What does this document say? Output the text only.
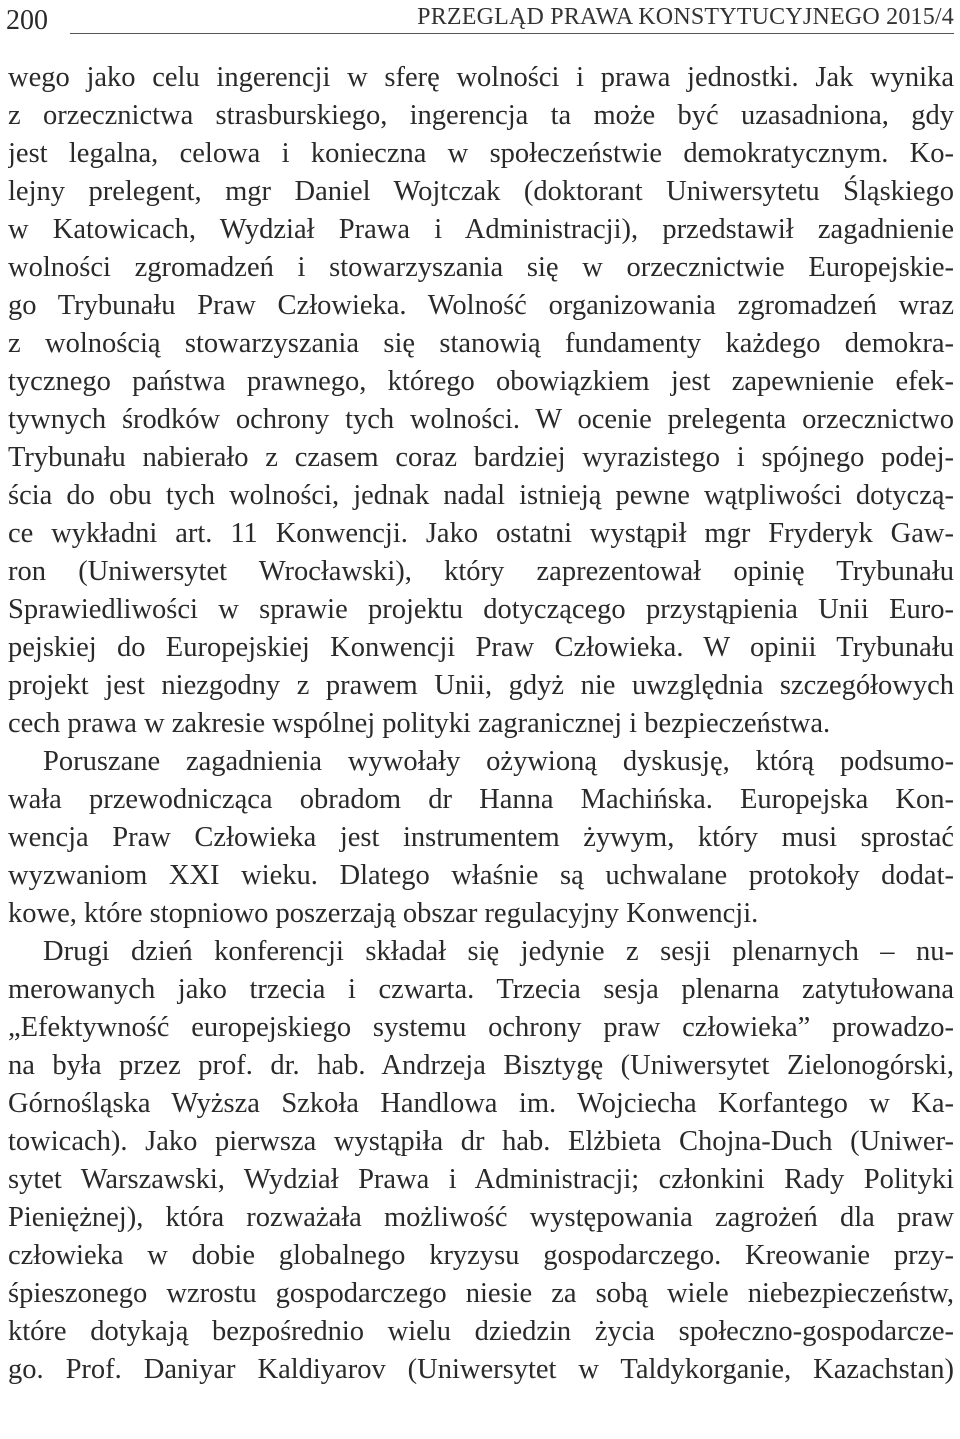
200	PRZEGLĄD PRAWA KONSTYTUCYJNEGO 2015/4
wego jako celu ingerencji w sferę wolności i prawa jednostki. Jak wynika
z orzecznictwa strasburskiego, ingerencja ta może być uzasadniona, gdy
jest legalna, celowa i konieczna w społeczeństwie demokratycznym. Ko-
lejny prelegent, mgr Daniel Wojtczak (doktorant Uniwersytetu Śląskiego
w Katowicach, Wydział Prawa i Administracji), przedstawił zagadnienie
wolności zgromadzeń i stowarzyszania się w orzecznictwie Europejskie-
go Trybunału Praw Człowieka. Wolność organizowania zgromadzeń wraz
z wolnością stowarzyszania się stanowią fundamenty każdego demokra-
tycznego państwa prawnego, którego obowiązkiem jest zapewnienie efek-
tywnych środków ochrony tych wolności. W ocenie prelegenta orzecznictwo
Trybunału nabierało z czasem coraz bardziej wyrazistego i spójnego podej-
ścia do obu tych wolności, jednak nadal istnieją pewne wątpliwości dotyczą-
ce wykładni art. 11 Konwencji. Jako ostatni wystąpił mgr Fryderyk Gaw-
ron (Uniwersytet Wrocławski), który zaprezentował opinię Trybunału
Sprawiedliwości w sprawie projektu dotyczącego przystąpienia Unii Euro-
pejskiej do Europejskiej Konwencji Praw Człowieka. W opinii Trybunału
projekt jest niezgodny z prawem Unii, gdyż nie uwzględnia szczegółowych
cech prawa w zakresie wspólnej polityki zagranicznej i bezpieczeństwa.
Poruszane zagadnienia wywołały ożywioną dyskusję, którą podsumo-
wała przewodnicząca obradom dr Hanna Machińska. Europejska Kon-
wencja Praw Człowieka jest instrumentem żywym, który musi sprostać
wyzwaniom XXI wieku. Dlatego właśnie są uchwalane protokoły dodat-
kowe, które stopniowo poszerzają obszar regulacyjny Konwencji.
Drugi dzień konferencji składał się jedynie z sesji plenarnych – nu-
merowanych jako trzecia i czwarta. Trzecia sesja plenarna zatytułowana
„Efektywność europejskiego systemu ochrony praw człowieka” prowadzo-
na była przez prof. dr. hab. Andrzeja Bisztygę (Uniwersytet Zielonogórski,
Górnośląska Wyższa Szkoła Handlowa im. Wojciecha Korfantego w Ka-
towicach). Jako pierwsza wystąpiła dr hab. Elżbieta Chojna-Duch (Uniwer-
sytet Warszawski, Wydział Prawa i Administracji; członkini Rady Polityki
Pieniężnej), która rozważała możliwość występowania zagrożeń dla praw
człowieka w dobie globalnego kryzysu gospodarczego. Kreowanie przy-
śpieszonego wzrostu gospodarczego niesie za sobą wiele niebezpieczeństw,
które dotykają bezpośrednio wielu dziedzin życia społeczno-gospodarcze-
go. Prof. Daniyar Kaldiyarov (Uniwersytet w Taldykorganie, Kazachstan)
